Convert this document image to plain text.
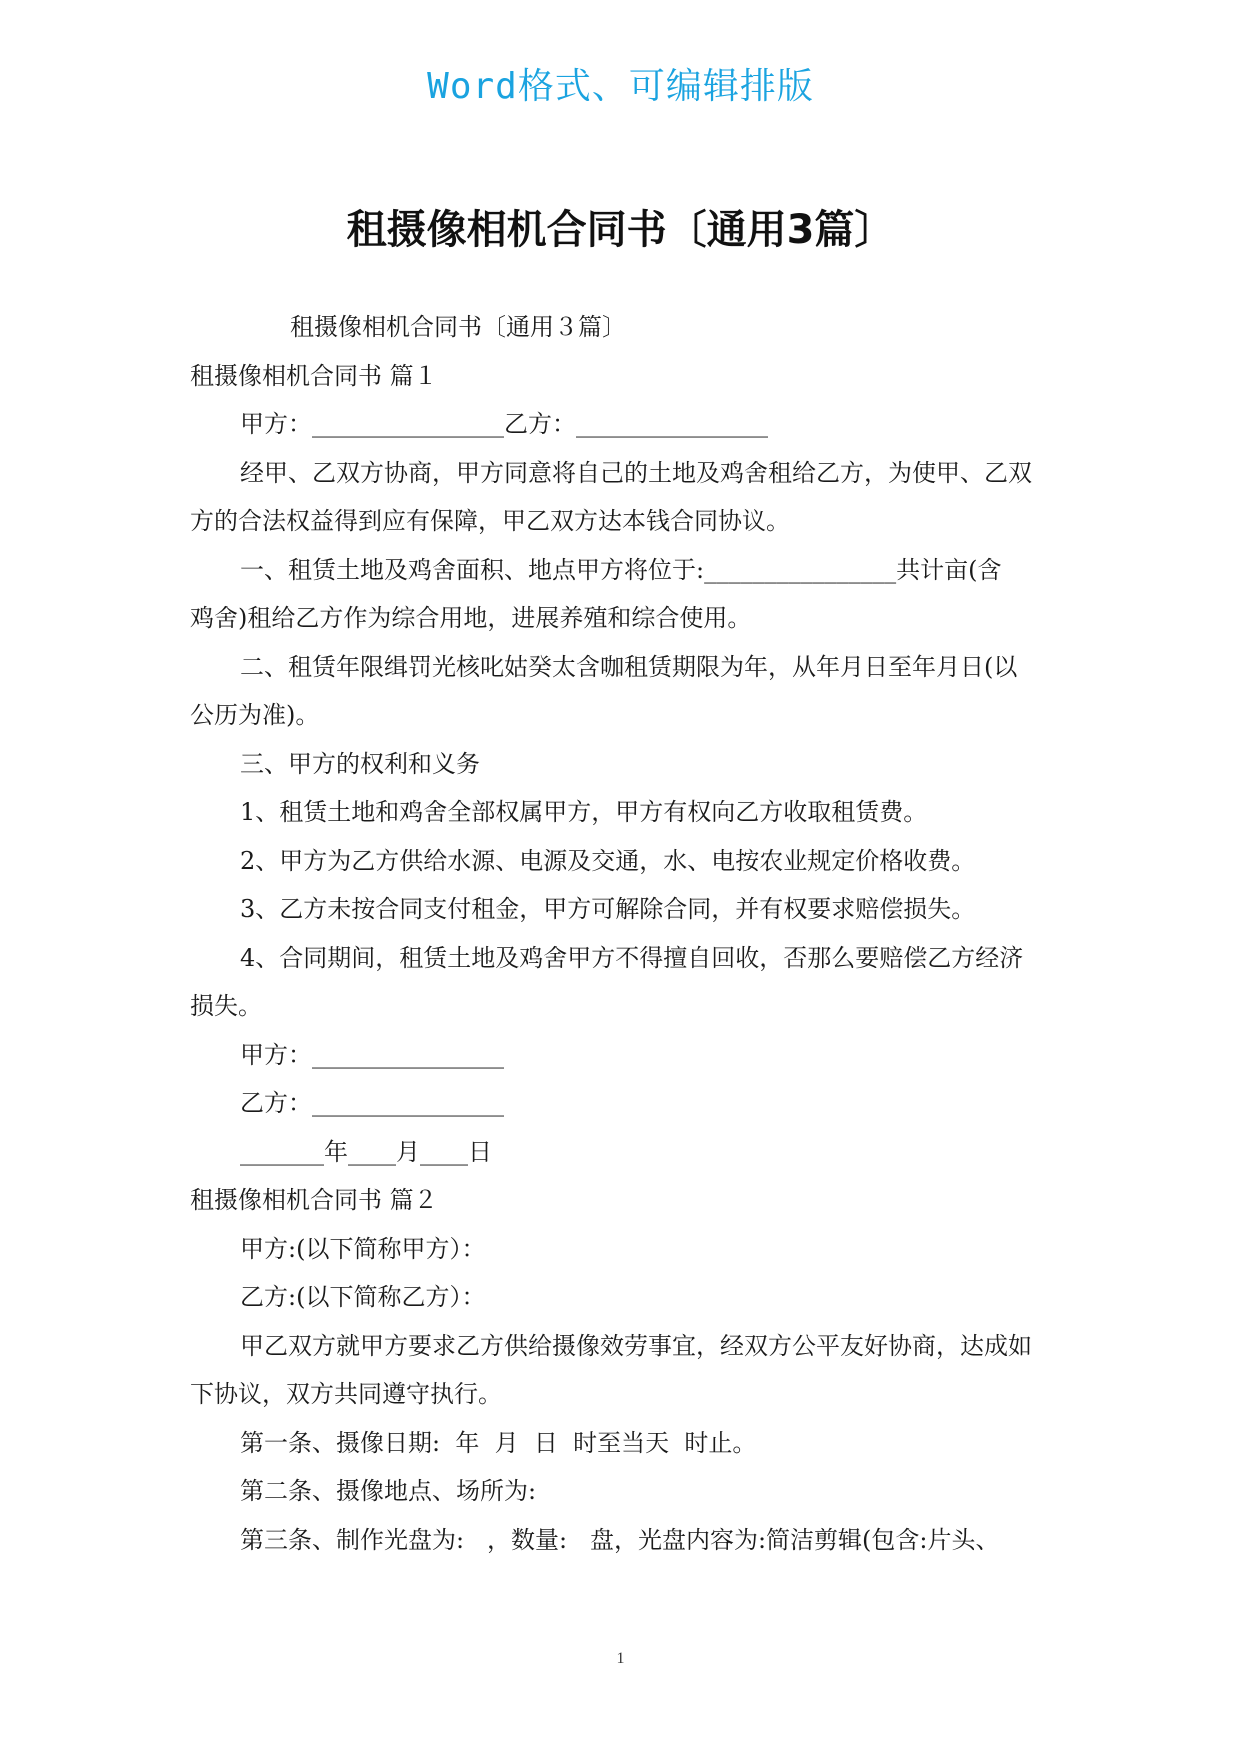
Word格式、可编辑排版
租摄像相机合同书〔通用3篇〕
租摄像相机合同书〔通用３篇〕
租摄像相机合同书 篇１
甲方：________________乙方：________________
经甲、乙双方协商，甲方同意将自己的土地及鸡舍租给乙方，为使甲、乙双
方的合法权益得到应有保障，甲乙双方达本钱合同协议。
一、租赁土地及鸡舍面积、地点甲方将位于:________________共计亩(含
鸡舍)租给乙方作为综合用地，进展养殖和综合使用。
二、租赁年限缉罚光核叱姑癸太含咖租赁期限为年，从年月日至年月日(以
公历为准)。
三、甲方的权利和义务
1、租赁土地和鸡舍全部权属甲方，甲方有权向乙方收取租赁费。
2、甲方为乙方供给水源、电源及交通，水、电按农业规定价格收费。
3、乙方未按合同支付租金，甲方可解除合同，并有权要求赔偿损失。
4、合同期间，租赁土地及鸡舍甲方不得擅自回收，否那么要赔偿乙方经济
损失。
甲方：________________
乙方：________________
_______年____月____日
租摄像相机合同书 篇２
甲方:(以下简称甲方）：
乙方:(以下简称乙方）：
甲乙双方就甲方要求乙方供给摄像效劳事宜，经双方公平友好协商，达成如
下协议，双方共同遵守执行。
第一条、摄像日期:  年  月  日  时至当天  时止。
第二条、摄像地点、场所为:
第三条、制作光盘为:   ，数量:   盘，光盘内容为:简洁剪辑(包含:片头、
1
